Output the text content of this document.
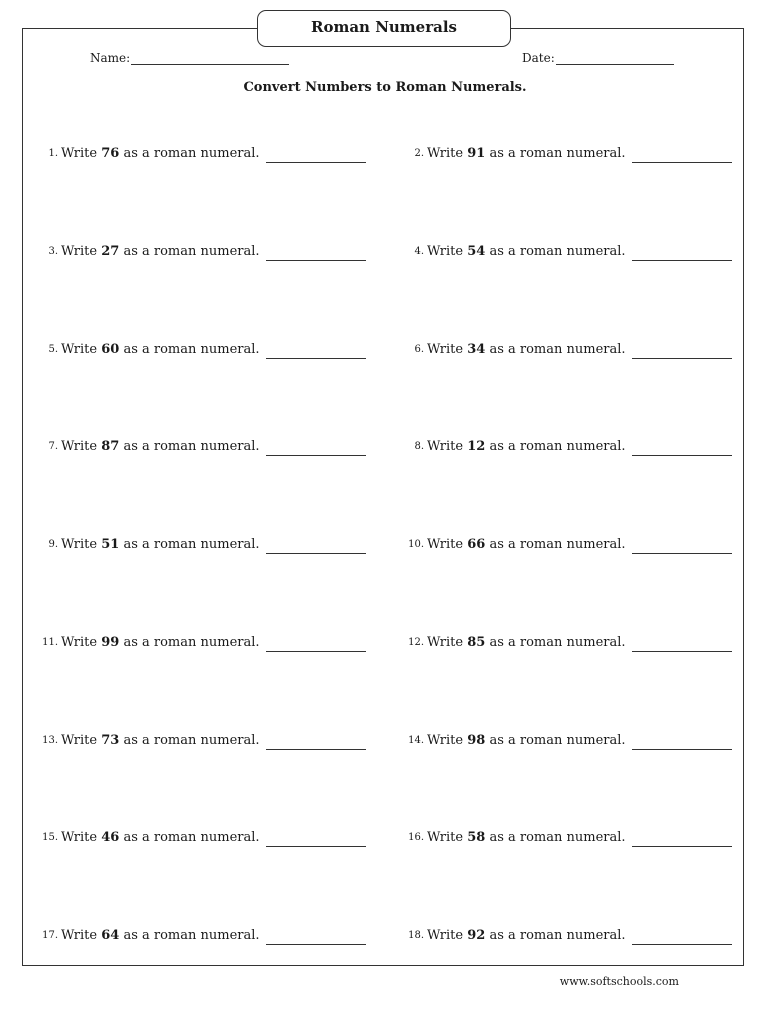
Roman Numerals
Name:	Date:
Convert Numbers to Roman Numerals.
1. Write 76 as a roman numeral.	2. Write 91 as a roman numeral.
3. Write 27 as a roman numeral.	4. Write 54 as a roman numeral.
5. Write 60 as a roman numeral.	6. Write 34 as a roman numeral.
7. Write 87 as a roman numeral.	8. Write 12 as a roman numeral.
9. Write 51 as a roman numeral.	10. Write 66 as a roman numeral.
11. Write 99 as a roman numeral.	12. Write 85 as a roman numeral.
13. Write 73 as a roman numeral.	14. Write 98 as a roman numeral.
15. Write 46 as a roman numeral.	16. Write 58 as a roman numeral.
17. Write 64 as a roman numeral.	18. Write 92 as a roman numeral.
www.softschools.com
